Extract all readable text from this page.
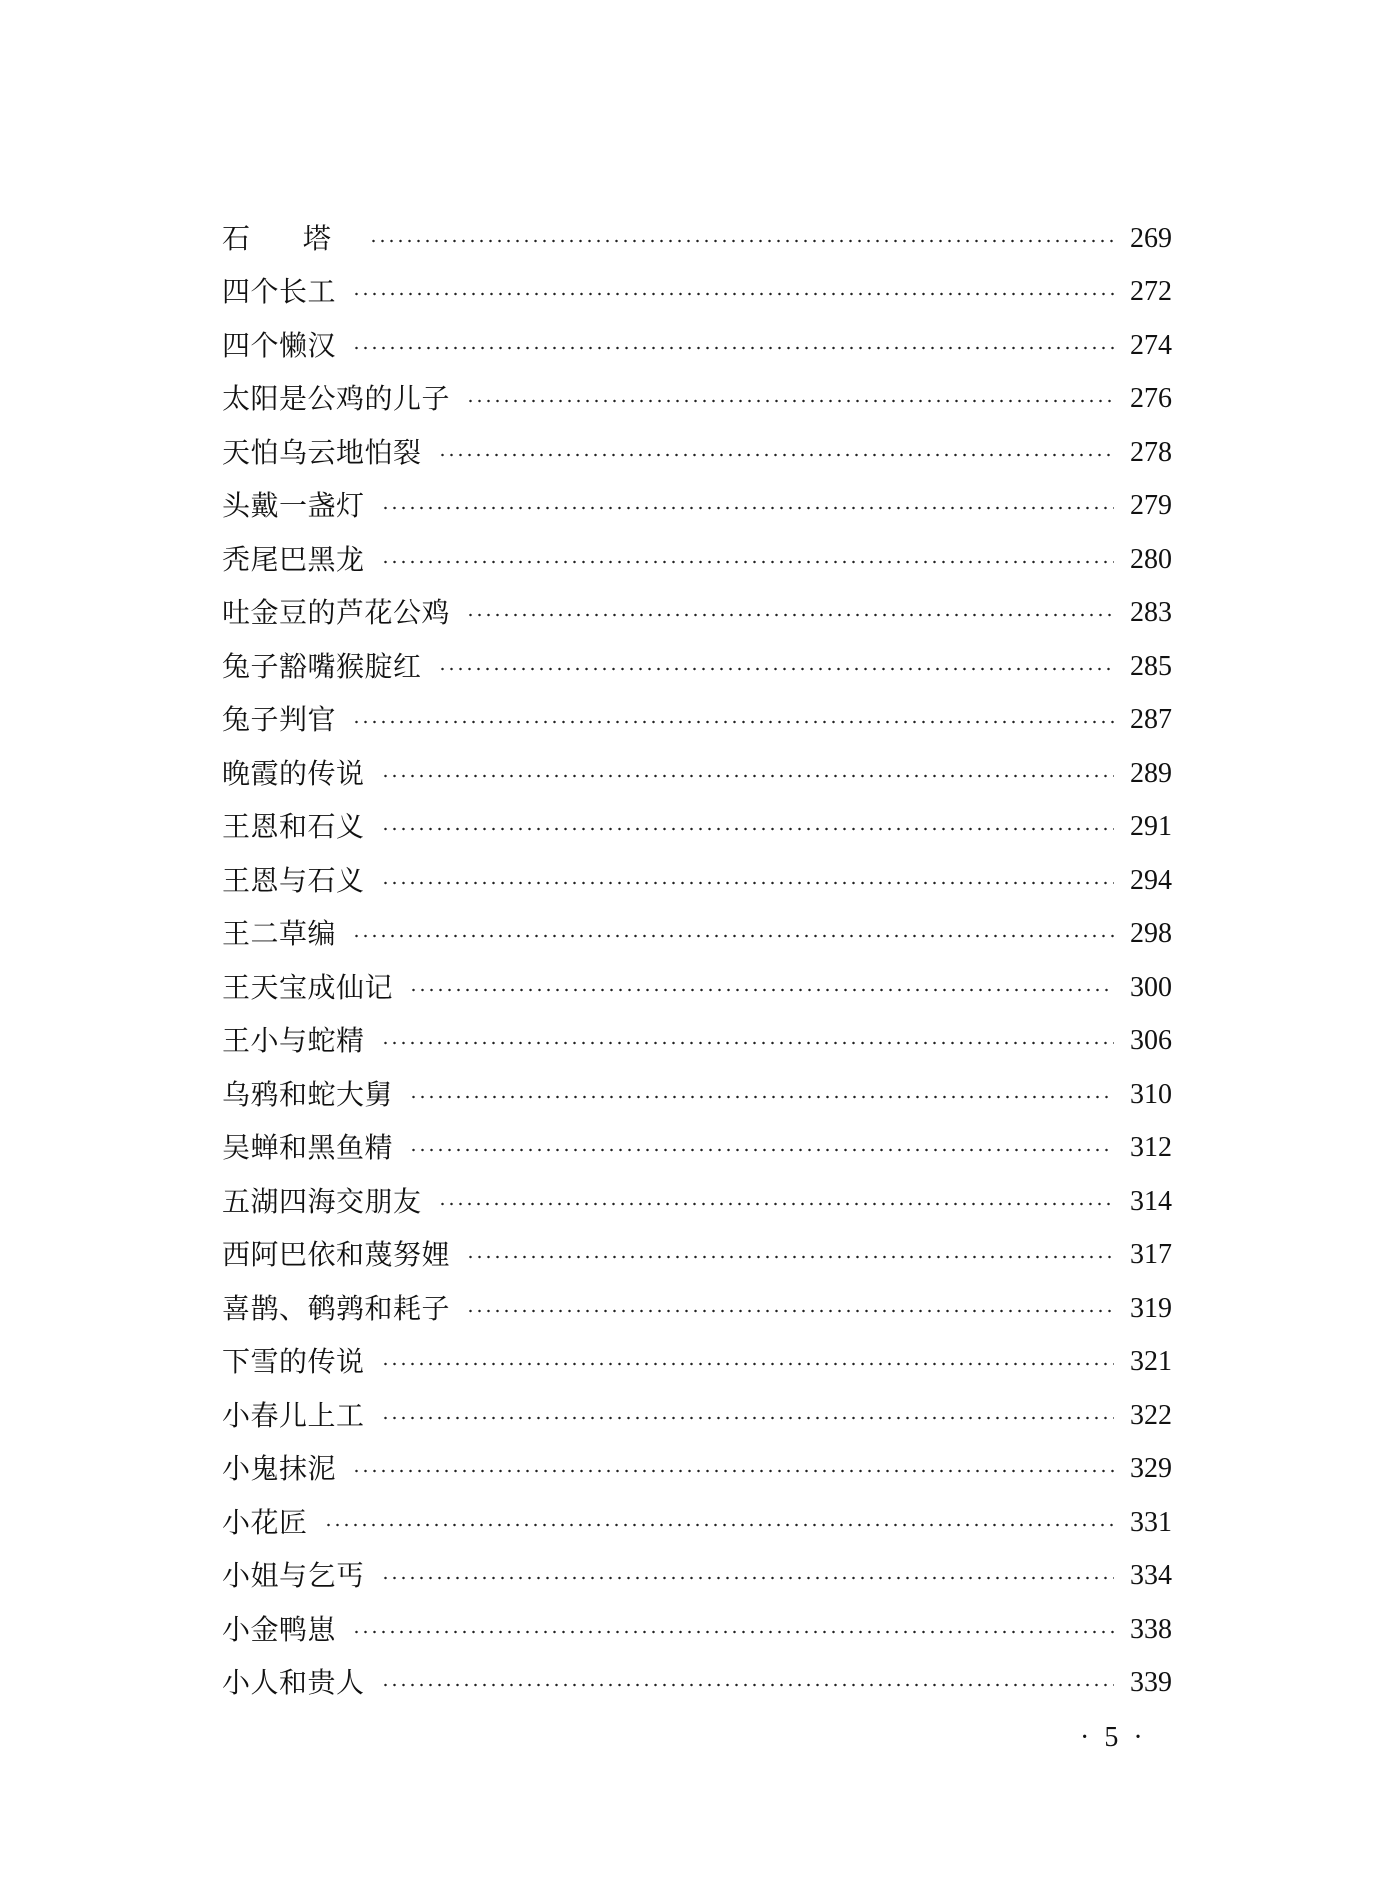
石 塔	269
四个长工	272
四个懒汉	274
太阳是公鸡的儿子	276
天怕乌云地怕裂	278
头戴一盏灯	279
秃尾巴黑龙	280
吐金豆的芦花公鸡	283
兔子豁嘴猴腚红	285
兔子判官	287
晚霞的传说	289
王恩和石义	291
王恩与石义	294
王二草编	298
王天宝成仙记	300
王小与蛇精	306
乌鸦和蛇大舅	310
吴蝉和黑鱼精	312
五湖四海交朋友	314
西阿巴依和蔑努娌	317
喜鹊、鹌鹑和耗子	319
下雪的传说	321
小春儿上工	322
小鬼抹泥	329
小花匠	331
小姐与乞丐	334
小金鸭崽	338
小人和贵人	339
· 5 ·
